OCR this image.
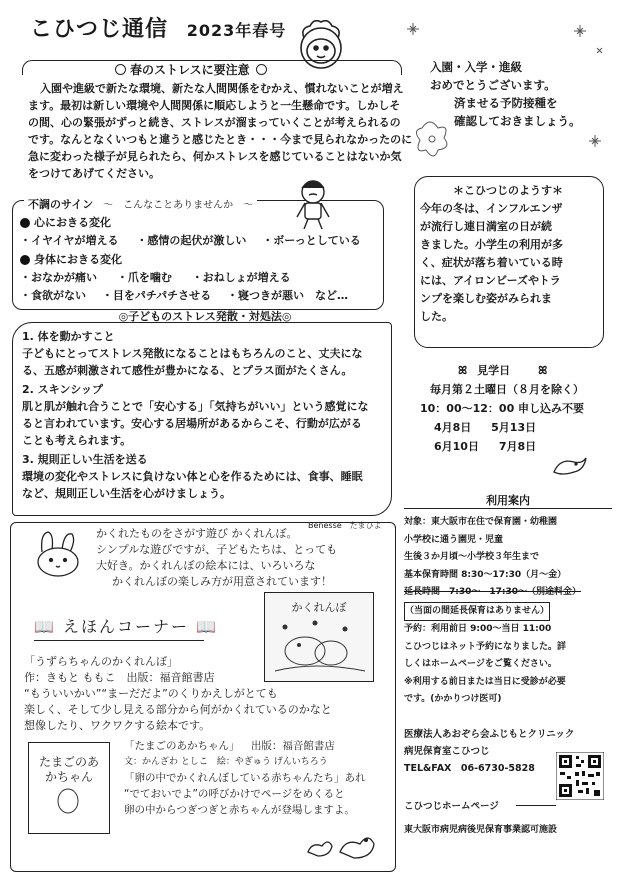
こひつじ通信 2023年春号
春のストレスに要注意
入園や進級で新たな環境、新たな人間関係をむかえ、慣れないことが増え
ます。最初は新しい環境や人間関係に順応しようと一生懸命です。しかしそ
の間、心の緊張がずっと続き、ストレスが溜まっていくことが考えられるの
です。なんとなくいつもと違うと感じたとき・・・今まで見られなかったのに
急に変わった様子が見られたら、何かストレスを感じていることはないか気
をつけてあげてください。
不調のサイン ～　こんなことありませんか　～
心におきる変化
・イヤイヤが増える ・感情の起伏が激しい ・ボーっとしている
身体におきる変化
・おなかが痛い ・爪を噛む ・おねしょが増える
・食欲がない ・目をパチパチさせる ・寝つきが悪い　など…
◎子どものストレス発散・対処法◎
1. 体を動かすこと
子どもにとってストレス発散になることはもちろんのこと、丈夫にな
る、五感が刺激されて感性が豊かになる、とプラス面がたくさん。
2. スキンシップ
肌と肌が触れ合うことで「安心する」「気持ちがいい」という感覚にな
ると言われています。安心する居場所があるからこそ、行動が広がる
ことも考えられます。
3. 規則正しい生活を送る
環境の変化やストレスに負けない体と心を作るためには、食事、睡眠
など、規則正しい生活を心がけましょう。
入園・入学・進級
おめでとうございます。
済ませる予防接種を
確認しておきましょう。
＊こひつじのようす＊
今年の冬は、インフルエンザ
が流行し連日満室の日が続
きました。小学生の利用が多
く、症状が落ち着いている時
には、アイロンビーズやトラ
ンプを楽しむ姿がみられま
した。
ꕤ 見学日	ꕤ
毎月第２土曜日（８月を除く）
10：00～12：00 申し込み不要
4月8日 5月13日
6月10日 7月8日
利用案内
対象：東大阪市在住で保育園・幼稚園
小学校に通う園児・児童
生後３か月頃～小学校３年生まで
基本保育時間 8:30～17:30（月～金）
延長時間　7:30～　17:30～（別途料金）
（当面の間延長保育はありません）
予約：利用前日 9:00～当日 11:00
こひつじはネット予約になりました。詳
しくはホームページをご覧ください。
※利用する前日または当日に受診が必要
です。(かかりつけ医可)
医療法人あおぞら会ふじもとクリニック
病児保育室こひつじ
TEL&FAX　06-6730-5828
こひつじホームページ
東大阪市病児病後児保育事業認可施設
かくれたものをさがす遊び かくれんぼ。
シンプルな遊びですが、子どもたちは、とっても
大好き。かくれんぼの絵本には、いろいろな
かくれんぼの楽しみ方が用意されています！
Benesse　たまひよ
📖 えほんコーナー 📖
かくれんぼ
「うずらちゃんのかくれんぼ」
作：きもと ももこ　出版：福音館書店
“もういいかい”“まーだだよ”のくりかえしがとても
楽しく、そして少し見える部分から何がかくれているのかなと
想像したり、ワクワクする絵本です。
たまごのあかちゃん
「たまごのあかちゃん」 出版：福音館書店
文：かんざわ としこ　絵：やぎゅう げんいちろう
「卵の中でかくれんぼしている赤ちゃんたち」あれ
“でておいでよ”の呼びかけでページをめくると
卵の中からつぎつぎと赤ちゃんが登場しますよ。
